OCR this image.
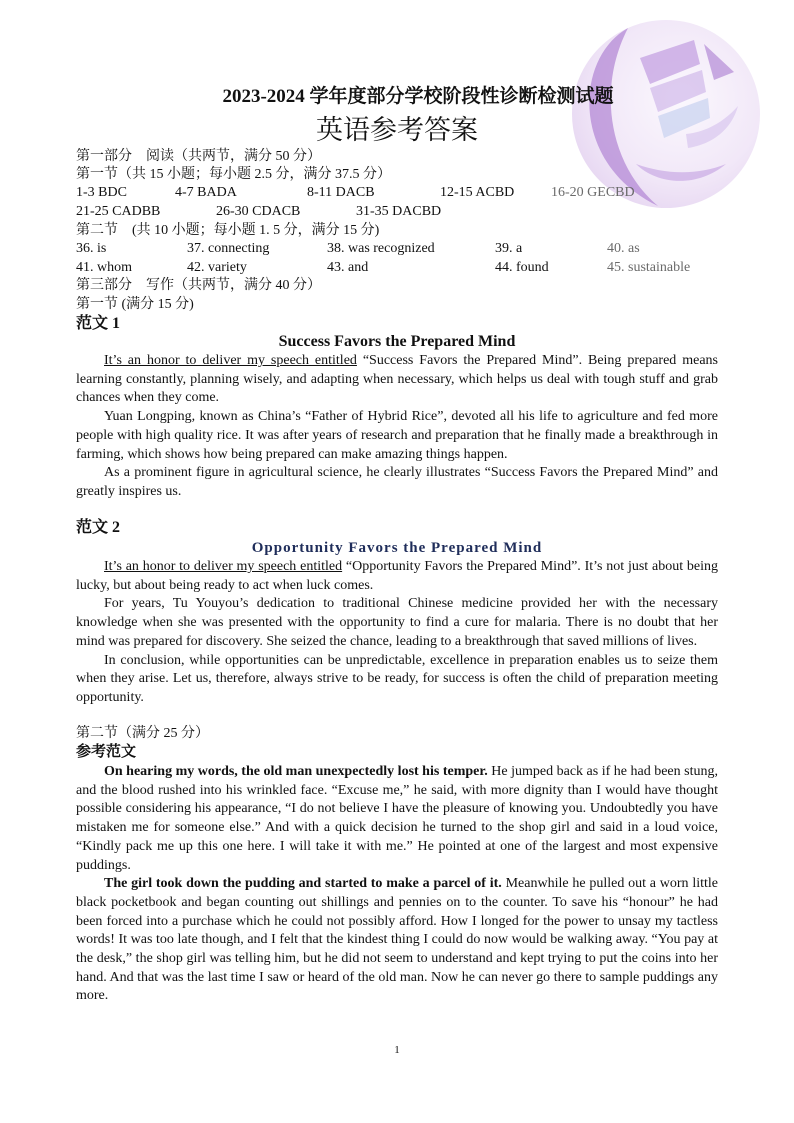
2023-2024 学年度部分学校阶段性诊断检测试题
英语参考答案
第一部分　阅读（共两节，满分 50 分）
第一节（共 15 小题；每小题 2.5 分，满分 37.5 分）
1-3 BDC	4-7 BADA	8-11 DACB	12-15 ACBD	16-20 GECBD
21-25 CADBB	26-30 CDACB	31-35 DACBD
第二节　(共 10 小题；每小题 1. 5 分，满分 15 分)
36. is	37. connecting	38. was recognized	39. a	40. as
41. whom	42. variety	43. and	44. found	45. sustainable
第三部分　写作（共两节，满分 40 分）
第一节 (满分 15 分)
范文 1
Success Favors the Prepared Mind

It’s an honor to deliver my speech entitled “Success Favors the Prepared Mind”. Being prepared means learning constantly, planning wisely, and adapting when necessary, which helps us deal with tough stuff and grab chances when they come.

Yuan Longping, known as China’s “Father of Hybrid Rice”, devoted all his life to agriculture and fed more people with high quality rice. It was after years of research and preparation that he finally made a breakthrough in farming, which shows how being prepared can make amazing things happen.

As a prominent figure in agricultural science, he clearly illustrates “Success Favors the Prepared Mind” and greatly inspires us.

范文 2
Opportunity Favors the Prepared Mind

It’s an honor to deliver my speech entitled “Opportunity Favors the Prepared Mind”. It’s not just about being lucky, but about being ready to act when luck comes.

For years, Tu Youyou’s dedication to traditional Chinese medicine provided her with the necessary knowledge when she was presented with the opportunity to find a cure for malaria. There is no doubt that her mind was prepared for discovery. She seized the chance, leading to a breakthrough that saved millions of lives.

In conclusion, while opportunities can be unpredictable, excellence in preparation enables us to seize them when they arise. Let us, therefore, always strive to be ready, for success is often the child of preparation meeting opportunity.

第二节（满分 25 分）
参考范文

On hearing my words, the old man unexpectedly lost his temper. He jumped back as if he had been stung, and the blood rushed into his wrinkled face. “Excuse me,” he said, with more dignity than I would have thought possible considering his appearance, “I do not believe I have the pleasure of knowing you. Undoubtedly you have mistaken me for someone else.” And with a quick decision he turned to the shop girl and said in a loud voice, “Kindly pack me up this one here. I will take it with me.” He pointed at one of the largest and most expensive puddings.

The girl took down the pudding and started to make a parcel of it. Meanwhile he pulled out a worn little black pocketbook and began counting out shillings and pennies on to the counter. To save his “honour” he had been forced into a purchase which he could not possibly afford. How I longed for the power to unsay my tactless words! It was too late though, and I felt that the kindest thing I could do now would be walking away. “You pay at the desk,” the shop girl was telling him, but he did not seem to understand and kept trying to put the coins into her hand. And that was the last time I saw or heard of the old man. Now he can never go there to sample puddings any more.

1
